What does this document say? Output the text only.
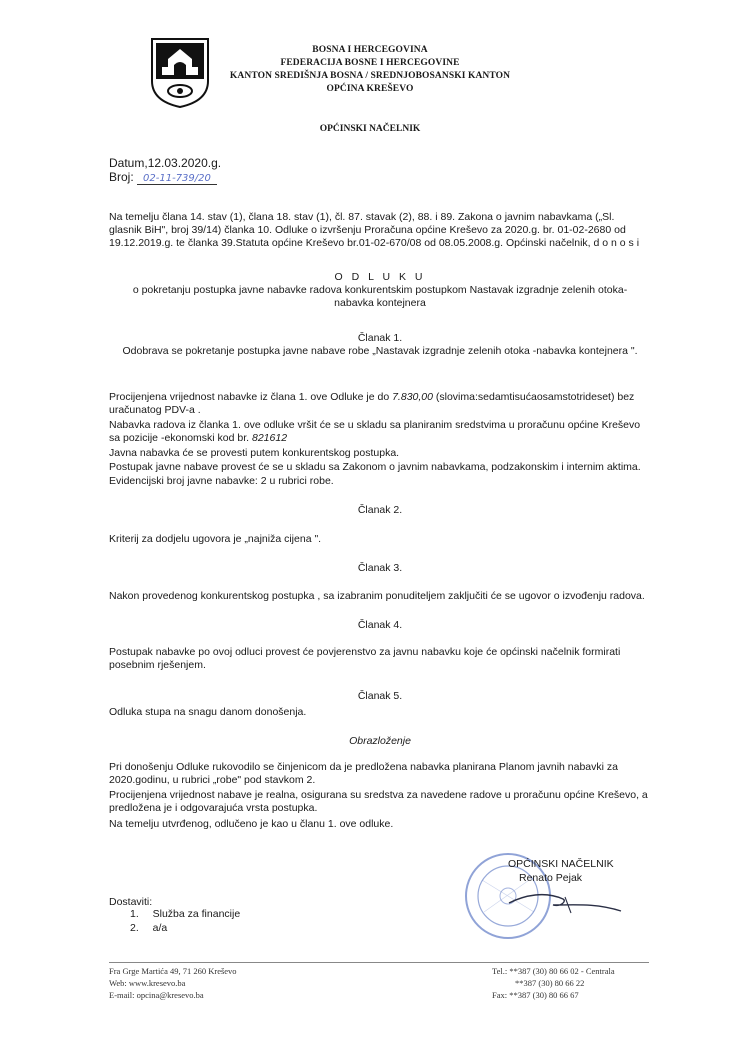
BOSNA I HERCEGOVINA
FEDERACIJA BOSNE I HERCEGOVINE
KANTON SREDIŠNJA BOSNA / SREDNJOBOSANSKI KANTON
OPĆINA KREŠEVO
OPĆINSKI NAČELNIK
Datum,12.03.2020.g.
Broj: 02-11-739/20
Na temelju člana 14. stav (1), člana 18. stav (1), čl. 87. stavak (2), 88. i 89. Zakona o javnim nabavkama („Sl. glasnik BiH", broj 39/14) člankа 10. Odluke o izvršenju Proračuna općine Kreševo za 2020.g. br. 01-02-2680 od 19.12.2019.g. te članka 39.Statuta općine Kreševo br.01-02-670/08 od 08.05.2008.g. Općinski načelnik, d o n o s i
O D L U K U
o pokretanju postupka javne nabavke radova konkurentskim postupkom Nastavak izgradnje zelenih otoka-nabavka kontejnera
Članak 1.
Odobrava se pokretanje postupka javne nabave robe „Nastavak izgradnje zelenih otoka -nabavka kontejnera ".
Procijenjena vrijednost nabavke iz člana 1. ove Odluke je do 7.830,00 (slovima:sedamtisućaosamstotrideset) bez uračunatog PDV-a .
Nabavka radova iz članka 1. ove odluke vršit će se u skladu sa planiranim sredstvima u proračunu općine Kreševo sa pozicije -ekonomski kod br. 821612
Javna nabavka će se provesti putem konkurentskog postupka.
Postupak javne nabave provest će se u skladu sa Zakonom o javnim nabavkama, podzakonskim i internim aktima.
Evidencijski broj javne nabavke: 2 u rubrici robe.
Članak 2.
Kriterij za dodjelu ugovora je „najniža cijena ".
Članak 3.
Nakon provedenog konkurentskog postupka , sa izabranim ponuditeljem zaključiti će se ugovor o izvođenju radova.
Članak 4.
Postupak nabavke po ovoj odluci provest će povjerenstvo za javnu nabavku koje će općinski načelnik formirati posebnim rješenjem.
Članak 5.
Odluka stupa na snagu danom donošenja.
Obrazloženje
Pri donošenju Odluke rukovodilo se činjenicom da je predložena nabavka planirana Planom javnih nabavki za 2020.godinu, u rubrici „robe" pod stavkom 2.
Procijenjena vrijednost nabave je realna, osigurana su sredstva za navedene radove u proračunu općine Kreševo, a predložena je i odgovarajuća vrsta postupka.
Na temelju utvrđenog, odlučeno je kao u članu 1. ove odluke.
OPĆINSKI NAČELNIK
Renato Pejak
Dostaviti:
1. Služba za financije
2. a/a
Fra Grge Martića 49, 71 260 Kreševo
Web: www.kresevo.ba
E-mail: opcina@kresevo.ba
Tel.: **387 (30) 80 66 02 - Centrala
**387 (30) 80 66 22
Fax: **387 (30) 80 66 67
